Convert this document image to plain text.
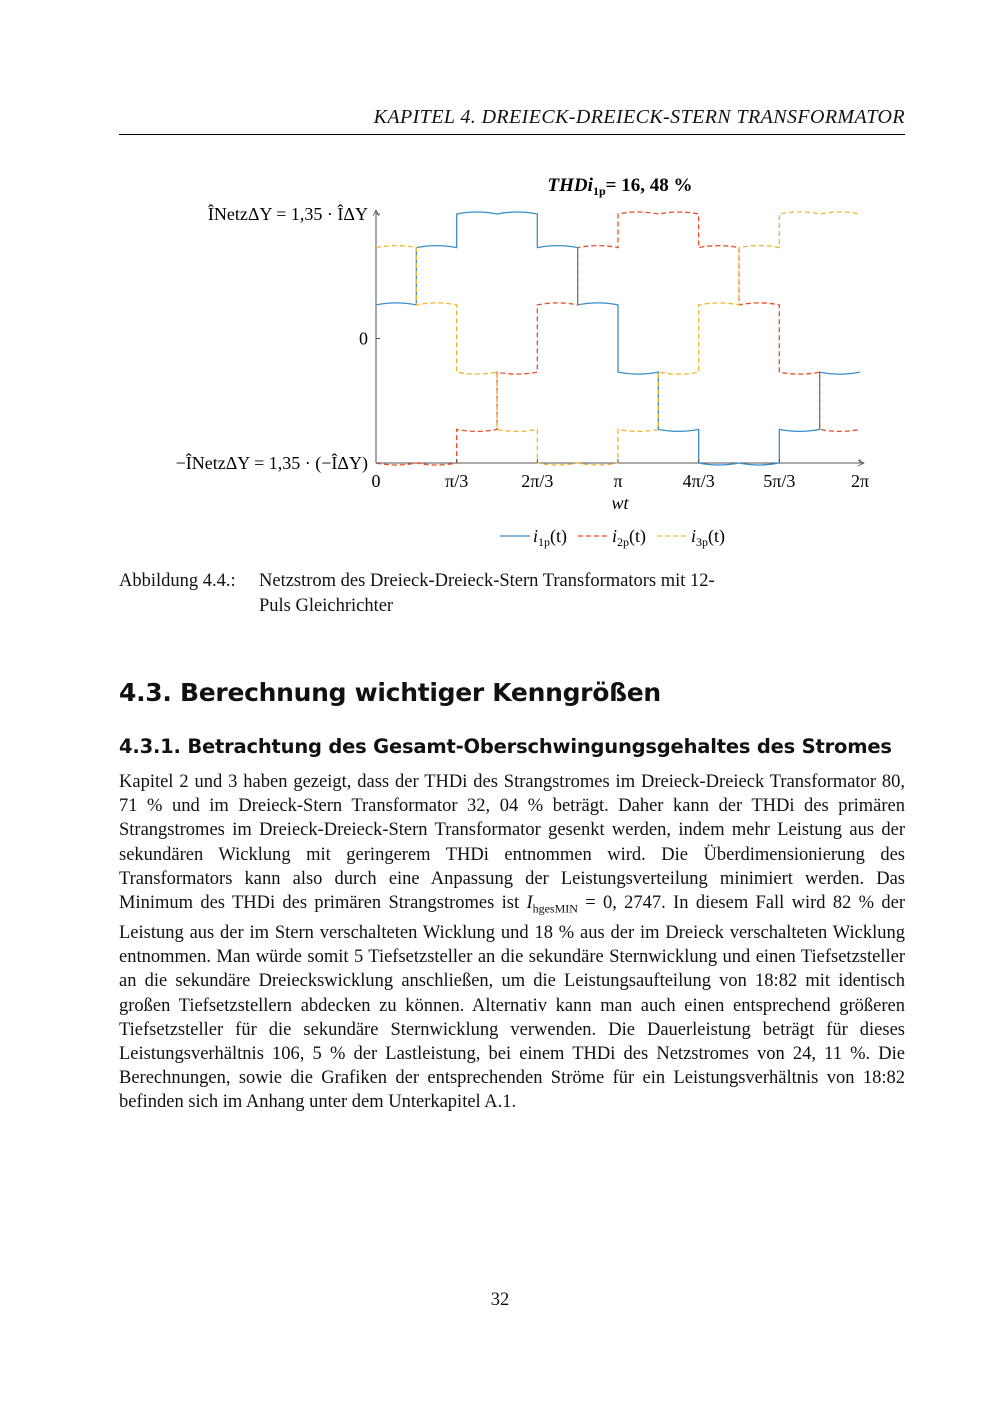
KAPITEL 4. DREIECK-DREIECK-STERN TRANSFORMATOR
THDi$_{1p}$= 16, 48 %
0	π/3	2π/3	π	4π/3	5π/3	2π
−ÎNetzΔY = 1,35 · (−ÎΔY)
0
ÎNetzΔY = 1,35 · ÎΔY
wt
$i_{1p}(t)$ $i_{2p}(t)$ $i_{3p}(t)$
Abbildung 4.4.: Netzstrom des Dreieck-Dreieck-Stern Transformators mit 12-Puls Gleichrichter
4.3. Berechnung wichtiger Kenngrößen
4.3.1. Betrachtung des Gesamt-Oberschwingungsgehaltes des Stromes

Kapitel 2 und 3 haben gezeigt, dass der THDi des Strangstromes im Dreieck-Dreieck Transformator 80, 71 % und im Dreieck-Stern Transformator 32, 04 % beträgt. Daher kann der THDi des primären Strangstromes im Dreieck-Dreieck-Stern Transformator gesenkt werden, indem mehr Leistung aus der sekundären Wicklung mit geringerem THDi entnommen wird. Die Überdimensionierung des Transformators kann also durch eine Anpassung der Leistungsverteilung minimiert werden. Das Minimum des THDi des primären Strangstromes ist $I_{hgesMIN} = 0$, 2747. In diesem Fall wird 82 % der Leistung aus der im Stern verschalteten Wicklung und 18 % aus der im Dreieck verschalteten Wicklung entnommen. Man würde somit 5 Tiefsetzsteller an die sekundäre Sternwicklung und einen Tiefsetzsteller an die sekundäre Dreieckswicklung anschließen, um die Leistungsaufteilung von 18:82 mit identisch großen Tiefsetzstellern abdecken zu können. Alternativ kann man auch einen entsprechend größeren Tiefsetzsteller für die sekundäre Sternwicklung verwenden. Die Dauerleistung beträgt für dieses Leistungsverhältnis 106, 5 % der Lastleistung, bei einem THDi des Netzstromes von 24, 11 %. Die Berechnungen, sowie die Grafiken der entsprechenden Ströme für ein Leistungsverhältnis von 18:82 befinden sich im Anhang unter dem Unterkapitel A.1.

32
